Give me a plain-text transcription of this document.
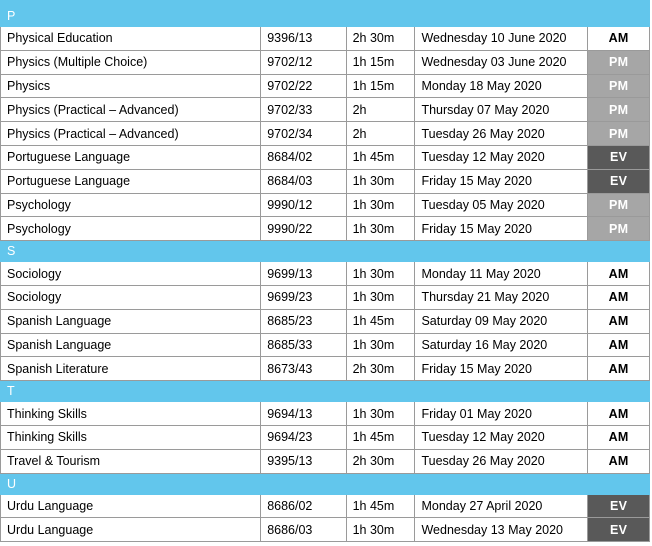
P				
Physical Education	9396/13	2h 30m	Wednesday 10 June 2020	AM
Physics (Multiple Choice)	9702/12	1h 15m	Wednesday 03 June 2020	PM
Physics	9702/22	1h 15m	Monday 18 May 2020	PM
Physics (Practical – Advanced)	9702/33	2h	Thursday 07 May 2020	PM
Physics (Practical – Advanced)	9702/34	2h	Tuesday 26 May 2020	PM
Portuguese Language	8684/02	1h 45m	Tuesday 12 May 2020	EV
Portuguese Language	8684/03	1h 30m	Friday 15 May 2020	EV
Psychology	9990/12	1h 30m	Tuesday 05 May 2020	PM
Psychology	9990/22	1h 30m	Friday 15 May 2020	PM
S				
Sociology	9699/13	1h 30m	Monday 11 May 2020	AM
Sociology	9699/23	1h 30m	Thursday 21 May 2020	AM
Spanish Language	8685/23	1h 45m	Saturday 09 May 2020	AM
Spanish Language	8685/33	1h 30m	Saturday 16 May 2020	AM
Spanish Literature	8673/43	2h 30m	Friday 15 May 2020	AM
T				
Thinking Skills	9694/13	1h 30m	Friday 01 May 2020	AM
Thinking Skills	9694/23	1h 45m	Tuesday 12 May 2020	AM
Travel & Tourism	9395/13	2h 30m	Tuesday 26 May 2020	AM
U				
Urdu Language	8686/02	1h 45m	Monday 27 April 2020	EV
Urdu Language	8686/03	1h 30m	Wednesday 13 May 2020	EV
